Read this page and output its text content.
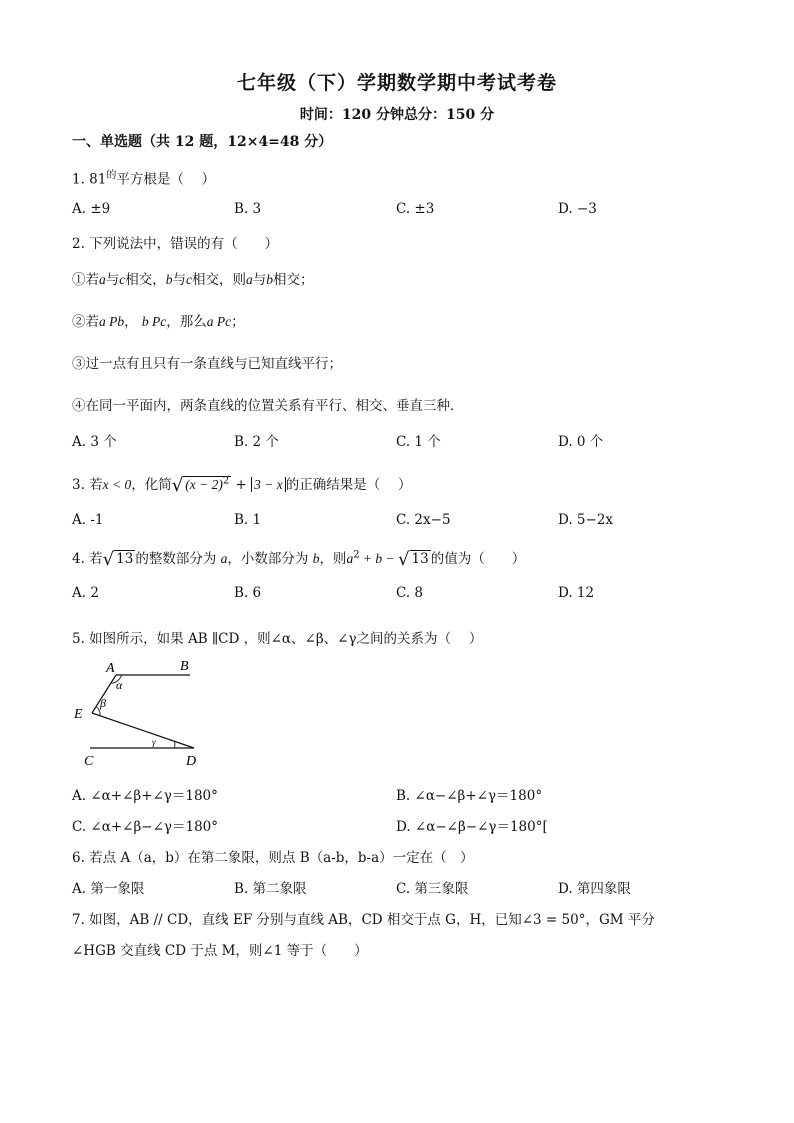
七年级（下）学期数学期中考试考卷
时间：120 分钟总分：150 分
一、单选题（共 12 题，12×4=48 分）
1. $81^的$平方根是（　 ）
A. ±9	B. 3	C. ±3	D. −3
2. 下列说法中，错误的有（　　）
①若a与c相交，b与c相交，则a与b相交；
②若a Pb， b Pc，那么a Pc；
③过一点有且只有一条直线与已知直线平行；
④在同一平面内，两条直线的位置关系有平行、相交、垂直三种．
A. 3 个	B. 2 个	C. 1 个	D. 0 个
3. 若x < 0，化简√ $(x - 2)^2 + 3 - x$ 的正确结果是（　 ）
A. -1	B. 1	C. 2x−5	D. 5−2x
4. 若√ 13 的整数部分为 a，小数部分为 b，则$a^2 + b$ − √ 13 的值为（　　）
A. 2	B. 6	C. 8	D. 12
5. 如图所示，如果 AB ∥CD ，则∠α、∠β、∠γ之间的关系为（　 ）
A	B
E
C	D
α
β
γ
A. ∠α+∠β+∠γ＝180°	B. ∠α−∠β+∠γ＝180°
C. ∠α+∠β−∠γ＝180°	D. ∠α−∠β−∠γ＝180°[
6. 若点 A（a，b）在第二象限，则点 B（a-b，b-a）一定在（　）
A. 第一象限	B. 第二象限	C. 第三象限	D. 第四象限
7. 如图，AB // CD，直线 EF 分别与直线 AB，CD 相交于点 G，H，已知∠3 = 50°，GM 平分
∠HGB 交直线 CD 于点 M，则∠1 等于（　　）
